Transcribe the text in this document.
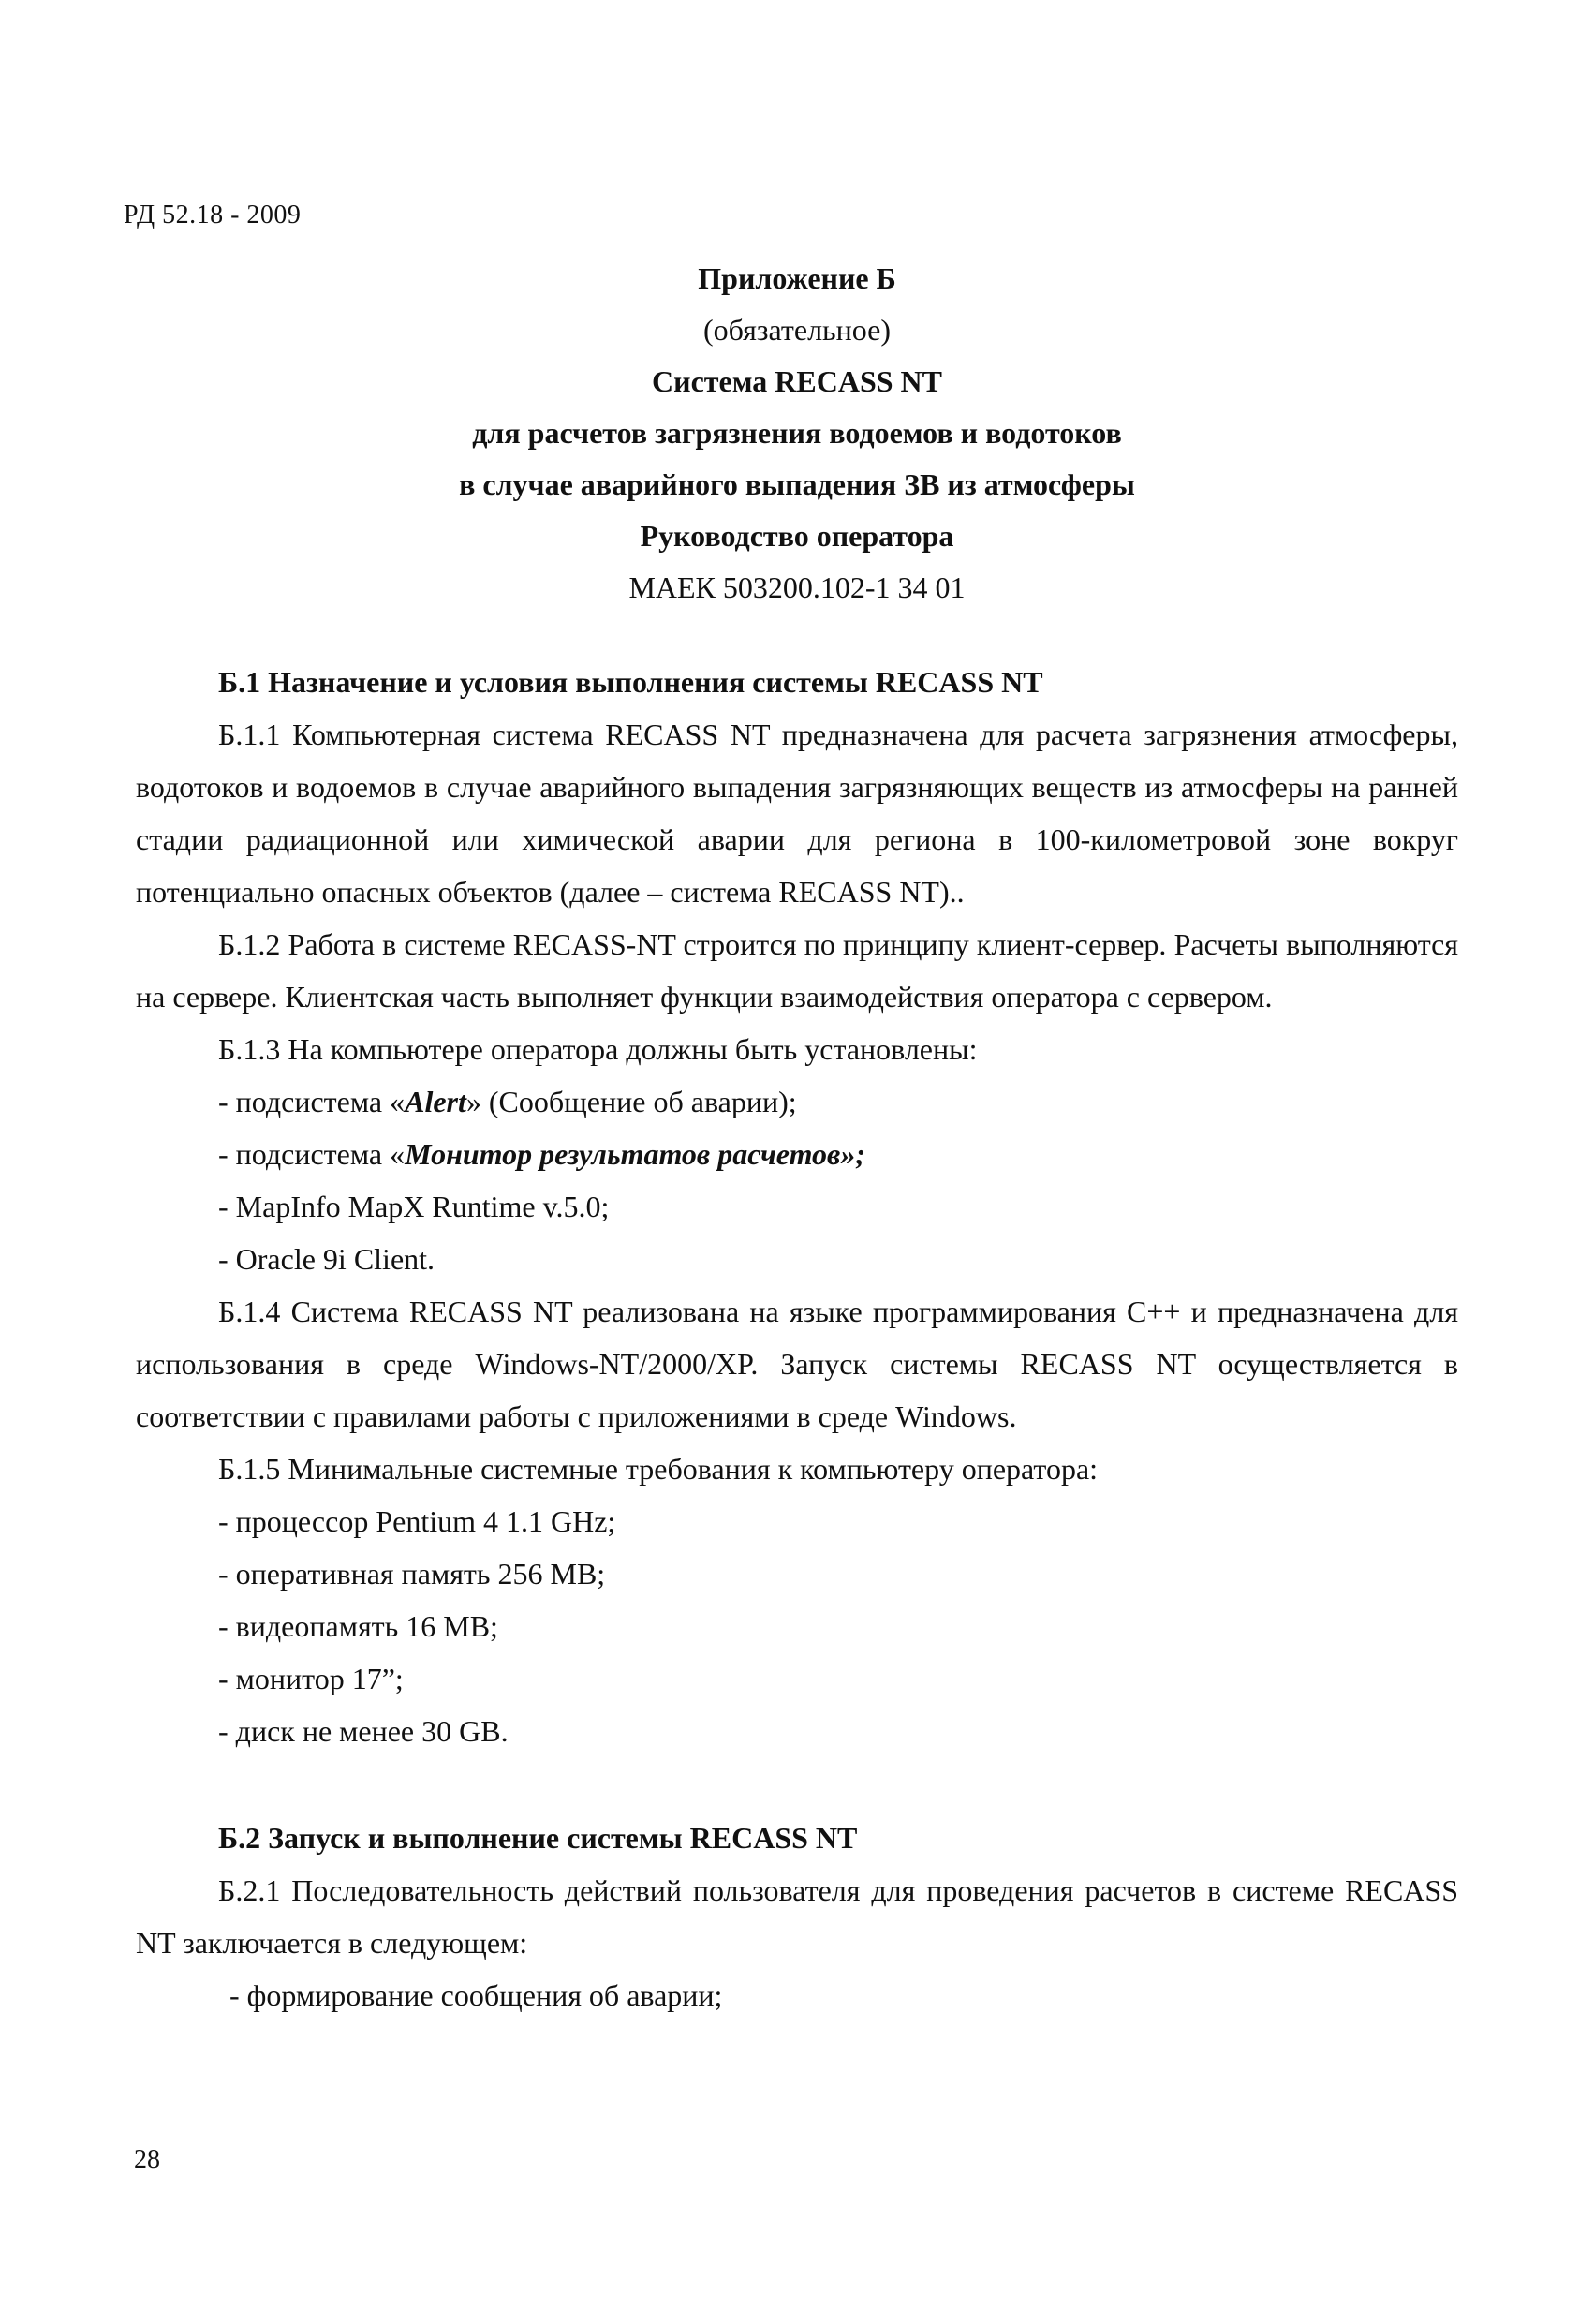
РД 52.18 - 2009
Приложение Б
(обязательное)
Система RECASS NT
для расчетов загрязнения водоемов и водотоков
в случае аварийного выпадения ЗВ из атмосферы
Руководство оператора
МАЕК 503200.102-1 34 01
Б.1 Назначение и условия выполнения системы RECASS NT

Б.1.1 Компьютерная система RECASS NT предназначена для расчета загрязнения атмосферы, водотоков и водоемов в случае аварийного выпадения загрязняющих веществ из атмосферы на ранней стадии радиационной или химической аварии для региона в 100-километровой зоне вокруг потенциально опасных объектов (далее – система RECASS NT)..

Б.1.2 Работа в системе RECASS-NT строится по принципу клиент-сервер. Расчеты выполняются на сервере. Клиентская часть выполняет функции взаимодействия оператора с сервером.

Б.1.3 На компьютере оператора должны быть установлены:

- подсистема «Alert» (Сообщение об аварии);
- подсистема «Монитор результатов расчетов»;
- MapInfo MapX Runtime v.5.0;
- Oracle 9i Client.

Б.1.4 Система RECASS NT реализована на языке программирования С++ и предназначена для использования в среде Windows-NT/2000/XP. Запуск системы RECASS NT осуществляется в соответствии с правилами работы с приложениями в среде Windows.

Б.1.5 Минимальные системные требования к компьютеру оператора:

- процессор Pentium 4 1.1 GHz;
- оперативная память 256 MB;
- видеопамять 16 MB;
- монитор 17”;
- диск не менее 30 GB.
Б.2 Запуск и выполнение системы RECASS NT

Б.2.1 Последовательность действий пользователя для проведения расчетов в системе RECASS NT заключается в следующем:

- формирование сообщения об аварии;
28
